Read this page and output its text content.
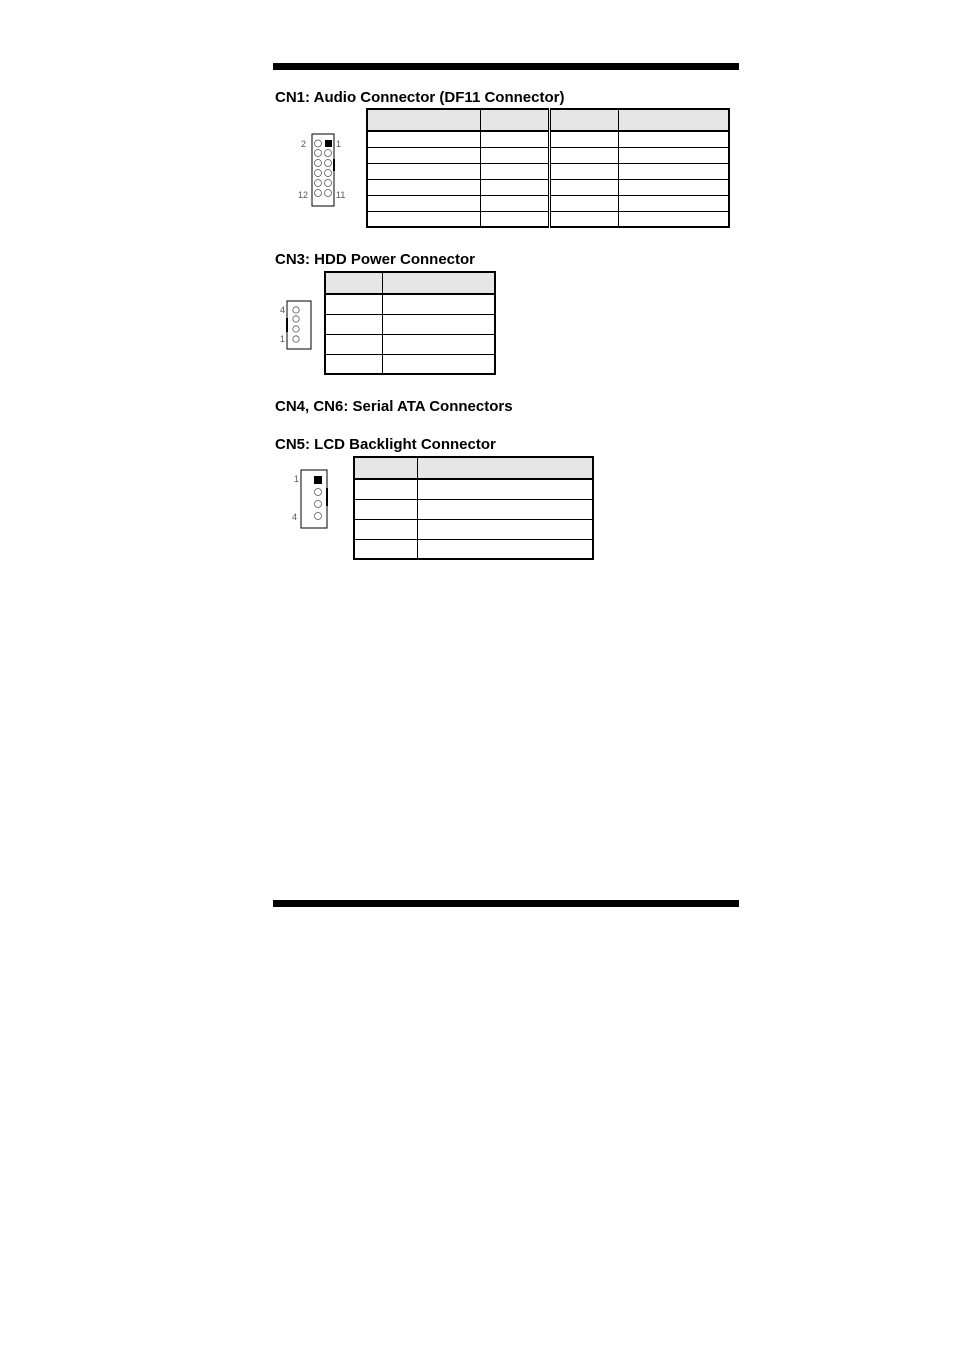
CN1: Audio Connector (DF11 Connector)
2	1
12	11

CN3: HDD Power Connector
4
1

CN4, CN6: Serial ATA Connectors
CN5: LCD Backlight Connector
1
4
